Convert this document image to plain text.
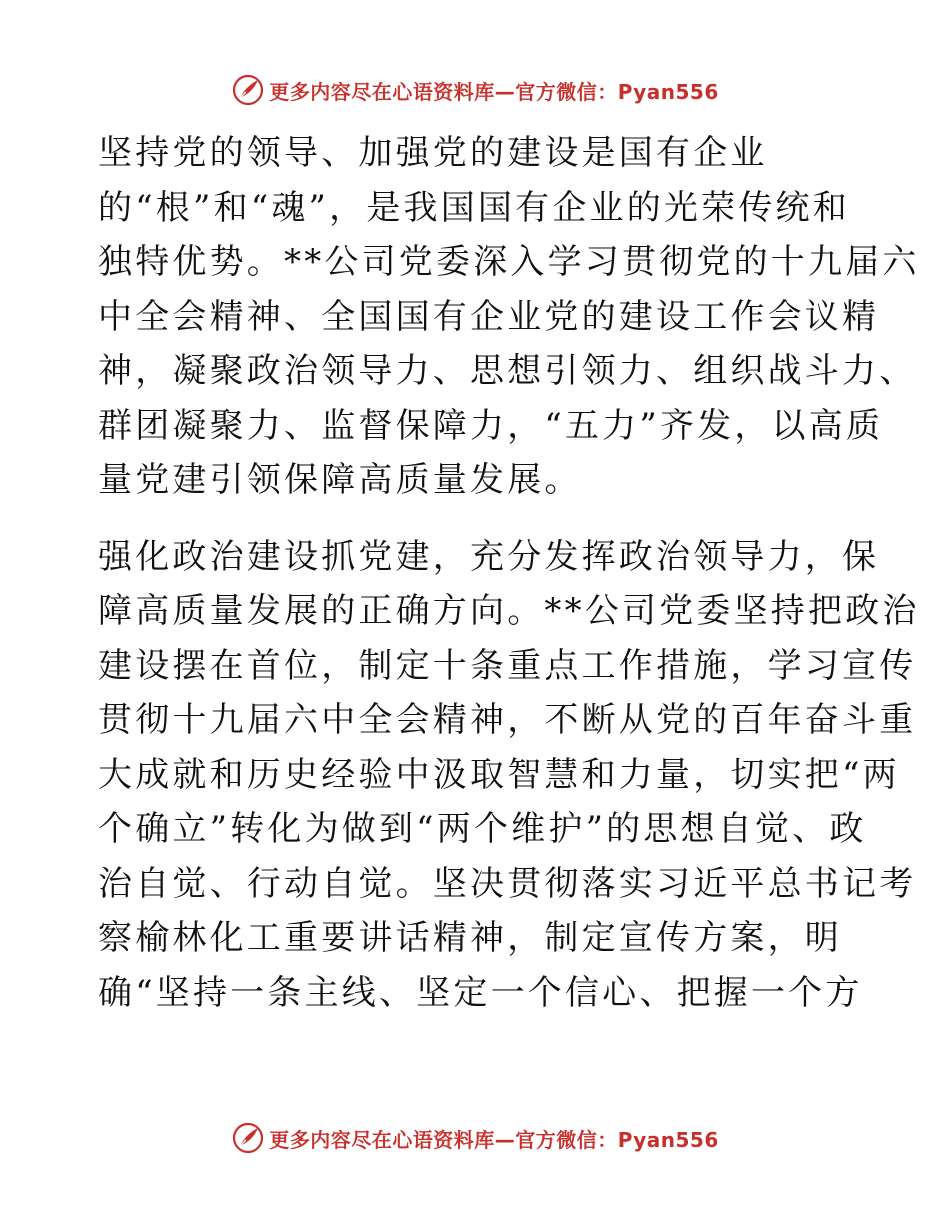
更多内容尽在心语资料库—官方微信：Pyan556
坚持党的领导、加强党的建设是国有企业
的“根”和“魂”，是我国国有企业的光荣传统和
独特优势。**公司党委深入学习贯彻党的十九届六
中全会精神、全国国有企业党的建设工作会议精
神，凝聚政治领导力、思想引领力、组织战斗力、
群团凝聚力、监督保障力，“五力”齐发，以高质
量党建引领保障高质量发展。
强化政治建设抓党建，充分发挥政治领导力，保
障高质量发展的正确方向。**公司党委坚持把政治
建设摆在首位，制定十条重点工作措施，学习宣传
贯彻十九届六中全会精神，不断从党的百年奋斗重
大成就和历史经验中汲取智慧和力量，切实把“两
个确立”转化为做到“两个维护”的思想自觉、政
治自觉、行动自觉。坚决贯彻落实习近平总书记考
察榆林化工重要讲话精神，制定宣传方案，明
确“坚持一条主线、坚定一个信心、把握一个方
更多内容尽在心语资料库—官方微信：Pyan556
